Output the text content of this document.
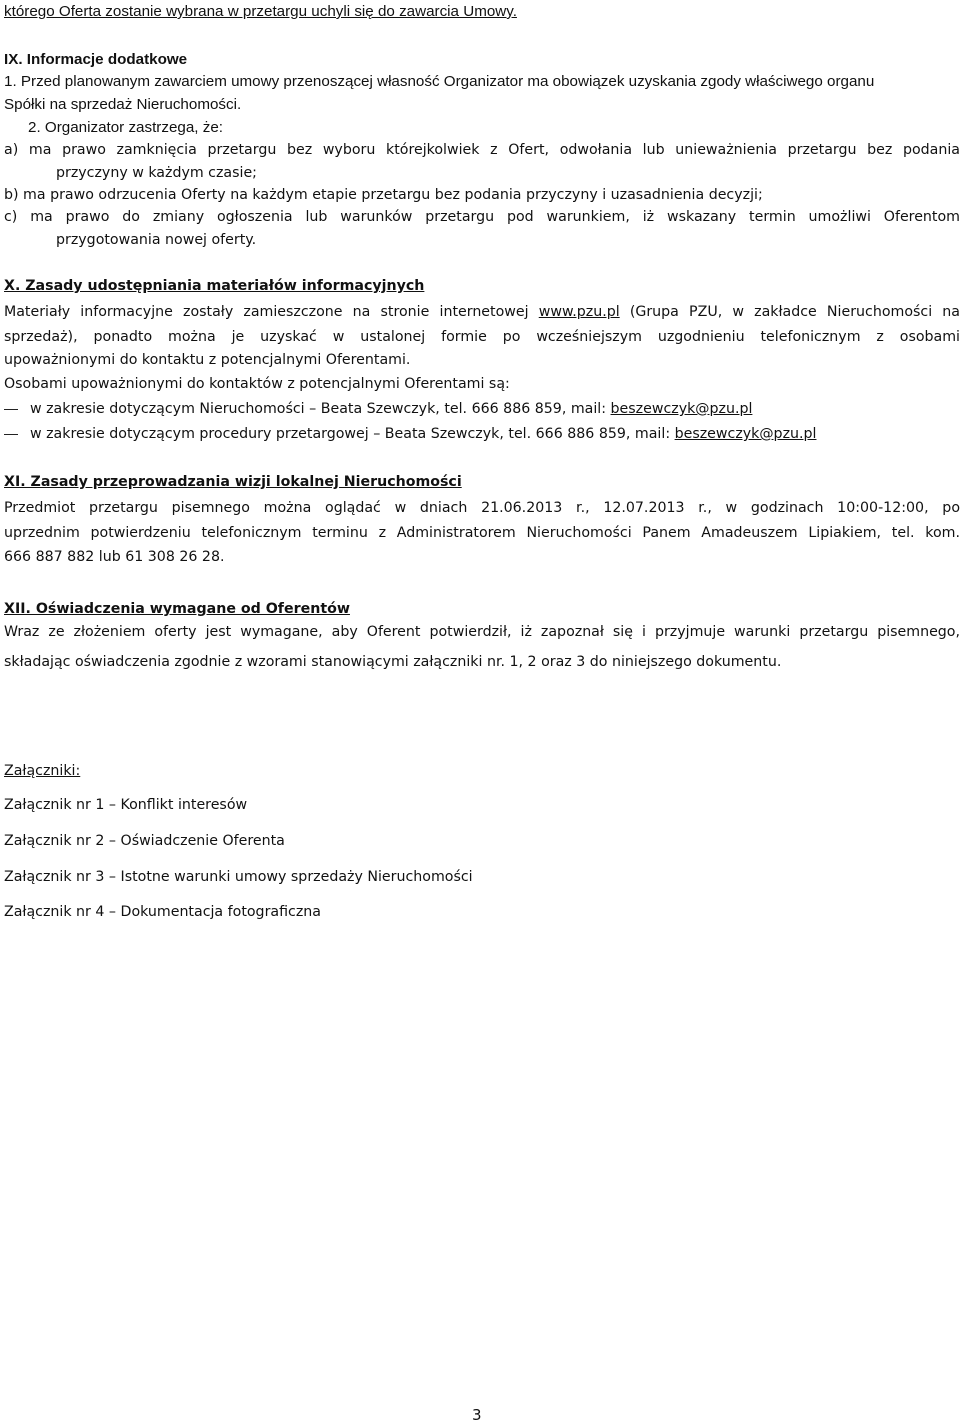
którego Oferta zostanie wybrana w przetargu uchyli się do zawarcia Umowy.
IX. Informacje dodatkowe
1. Przed planowanym zawarciem umowy przenoszącej własność Organizator ma obowiązek uzyskania zgody właściwego organu
Spółki na sprzedaż Nieruchomości.
2. Organizator zastrzega, że:
a) ma prawo zamknięcia przetargu bez wyboru którejkolwiek z Ofert, odwołania lub unieważnienia przetargu bez podania
przyczyny w każdym czasie;
b) ma prawo odrzucenia Oferty na każdym etapie przetargu bez podania przyczyny i uzasadnienia decyzji;
c) ma prawo do zmiany ogłoszenia lub warunków przetargu pod warunkiem, iż wskazany termin umożliwi Oferentom
przygotowania nowej oferty.
X. Zasady udostępniania materiałów informacyjnych
Materiały informacyjne zostały zamieszczone na stronie internetowej www.pzu.pl (Grupa PZU, w zakładce Nieruchomości na
sprzedaż), ponadto można je uzyskać w ustalonej formie po wcześniejszym uzgodnieniu telefonicznym z osobami
upoważnionymi do kontaktu z potencjalnymi Oferentami.
Osobami upoważnionymi do kontaktów z potencjalnymi Oferentami są:
w zakresie dotyczącym Nieruchomości – Beata Szewczyk, tel. 666 886 859, mail: beszewczyk@pzu.pl
w zakresie dotyczącym procedury przetargowej – Beata Szewczyk, tel. 666 886 859, mail: beszewczyk@pzu.pl
XI. Zasady przeprowadzania wizji lokalnej Nieruchomości
Przedmiot przetargu pisemnego można oglądać w dniach 21.06.2013 r., 12.07.2013 r., w godzinach 10:00-12:00, po
uprzednim potwierdzeniu telefonicznym terminu z Administratorem Nieruchomości Panem Amadeuszem Lipiakiem, tel. kom.
666 887 882 lub 61 308 26 28.
XII. Oświadczenia wymagane od Oferentów
Wraz ze złożeniem oferty jest wymagane, aby Oferent potwierdził, iż zapoznał się i przyjmuje warunki przetargu pisemnego,
składając oświadczenia zgodnie z wzorami stanowiącymi załączniki nr. 1, 2 oraz 3 do niniejszego dokumentu.
Załączniki:
Załącznik nr 1 – Konflikt interesów
Załącznik nr 2 – Oświadczenie Oferenta
Załącznik nr 3 – Istotne warunki umowy sprzedaży Nieruchomości
Załącznik nr 4 – Dokumentacja fotograficzna
3
